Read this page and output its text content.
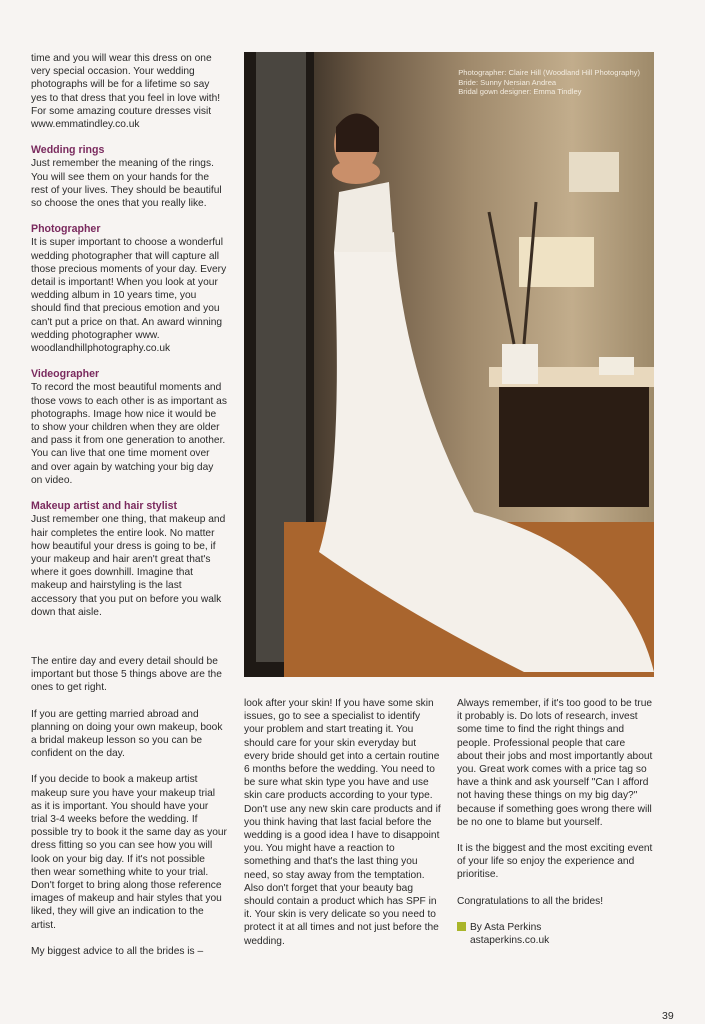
time and you will wear this dress on one very special occasion. Your wedding photographs will be for a lifetime so say yes to that dress that you feel in love with! For some amazing couture dresses visit www.emmatindley.co.uk

Wedding rings

Just remember the meaning of the rings. You will see them on your hands for the rest of your lives. They should be beautiful so choose the ones that you really like.

Photographer

It is super important to choose a wonderful wedding photographer that will capture all those precious moments of your day. Every detail is important! When you look at your wedding album in 10 years time, you should find that precious emotion and you can't put a price on that. An award winning wedding photographer www. woodlandhillphotography.co.uk

Videographer

To record the most beautiful moments and those vows to each other is as important as photographs. Image how nice it would be to show your children when they are older and pass it from one generation to another. You can live that one time moment over and over again by watching your big day on video.

Makeup artist and hair stylist

Just remember one thing, that makeup and hair completes the entire look. No matter how beautiful your dress is going to be, if your makeup and hair aren't great that's where it goes downhill. Imagine that makeup and hairstyling is the last accessory that you put on before you walk down that aisle.

The entire day and every detail should be important but those 5 things above are the ones to get right.

If you are getting married abroad and planning on doing your own makeup, book a bridal makeup lesson so you can be confident on the day.

If you decide to book a makeup artist makeup sure you have your makeup trial as it is important. You should have your trial 3-4 weeks before the wedding. If possible try to book it the same day as your dress fitting so you can see how you will look on your big day. If it's not possible then wear something white to your trial. Don't forget to bring along those reference images of makeup and hair styles that you liked, they will give an indication to the artist.

My biggest advice to all the brides is –

Photographer: Claire Hill (Woodland Hill Photography)
Bride: Sunny Nersian Andrea
Bridal gown designer: Emma Tindley

look after your skin! If you have some skin issues, go to see a specialist to identify your problem and start treating it. You should care for your skin everyday but every bride should get into a certain routine 6 months before the wedding. You need to be sure what skin type you have and use skin care products according to your type. Don't use any new skin care products and if you think having that last facial before the wedding is a good idea I have to disappoint you. You might have a reaction to something and that's the last thing you need, so stay away from the temptation. Also don't forget that your beauty bag should contain a product which has SPF in it. Your skin is very delicate so you need to protect it at all times and not just before the wedding.

Always remember, if it's too good to be true it probably is. Do lots of research, invest some time to find the right things and people. Professional people that care about their jobs and most importantly about you. Great work comes with a price tag so have a think and ask yourself "Can I afford not having these things on my big day?" because if something goes wrong there will be no one to blame but yourself.

It is the biggest and the most exciting event of your life so enjoy the experience and prioritise.

Congratulations to all the brides!

By Asta Perkins
astaperkins.co.uk
39
